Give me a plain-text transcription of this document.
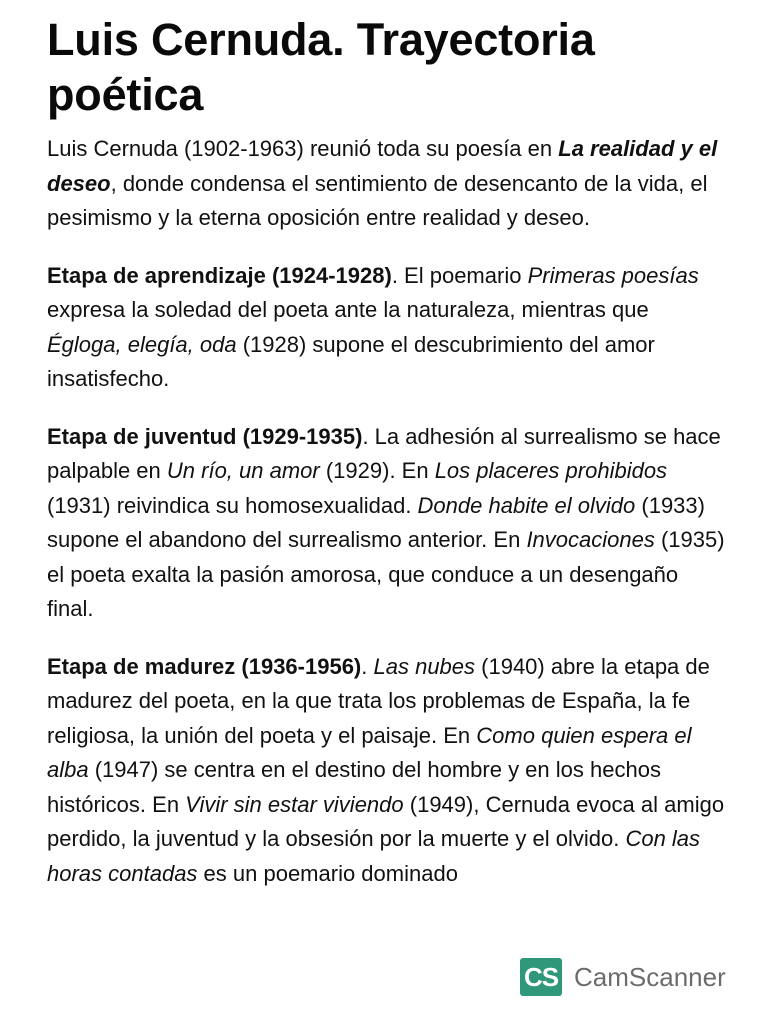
Luis Cernuda. Trayectoria poética

Luis Cernuda (1902-1963) reunió toda su poesía en La realidad y el deseo, donde condensa el sentimiento de desencanto de la vida, el pesimismo y la eterna oposición entre realidad y deseo.

Etapa de aprendizaje (1924-1928). El poemario Primeras poesías expresa la soledad del poeta ante la naturaleza, mientras que Égloga, elegía, oda (1928) supone el descubrimiento del amor insatisfecho.

Etapa de juventud (1929-1935). La adhesión al surrealismo se hace palpable en Un río, un amor (1929). En Los placeres prohibidos (1931) reivindica su homosexualidad. Donde habite el olvido (1933) supone el abandono del surrealismo anterior. En Invocaciones (1935) el poeta exalta la pasión amorosa, que conduce a un desengaño final.

Etapa de madurez (1936-1956). Las nubes (1940) abre la etapa de madurez del poeta, en la que trata los problemas de España, la fe religiosa, la unión del poeta y el paisaje. En Como quien espera el alba (1947) se centra en el destino del hombre y en los hechos históricos. En Vivir sin estar viviendo (1949), Cernuda evoca al amigo perdido, la juventud y la obsesión por la muerte y el olvido. Con las horas contadas es un poemario dominado

CS CamScanner
